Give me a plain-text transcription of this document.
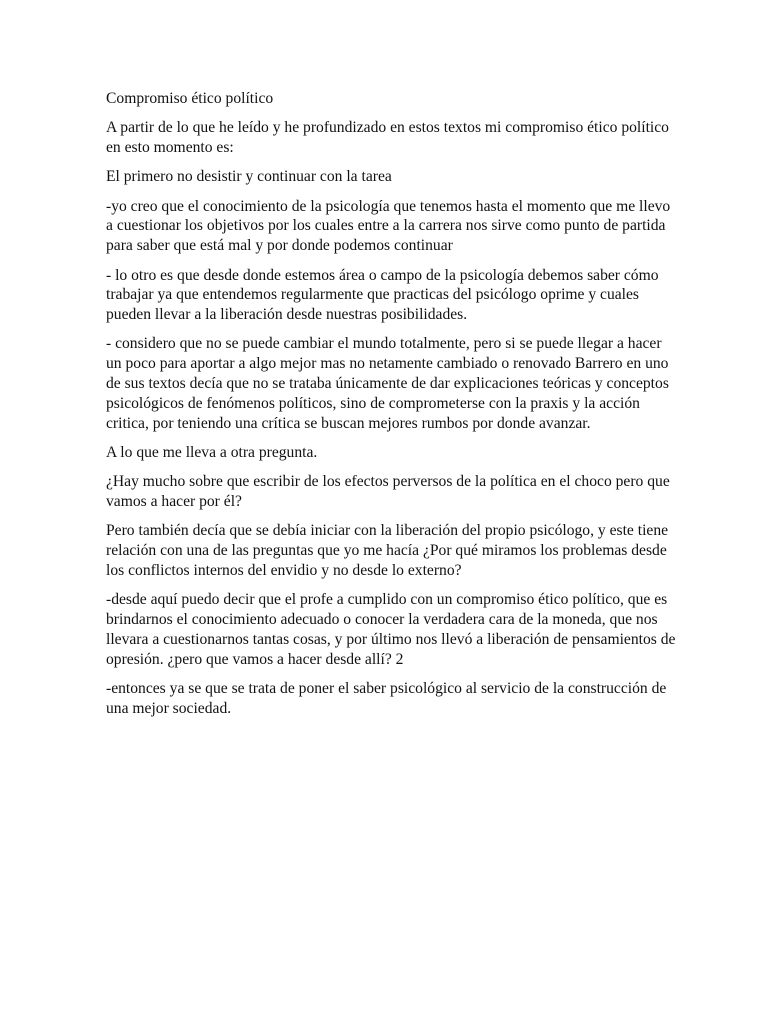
Compromiso ético político

A partir de lo que he leído y he profundizado en estos textos mi compromiso ético político
en esto momento es:

El primero no desistir y continuar con la tarea

-yo creo que el conocimiento de la psicología que tenemos hasta el momento que me llevo
a cuestionar los objetivos por los cuales entre a la carrera nos sirve como punto de partida
para saber que está mal y por donde podemos continuar

- lo otro es que desde donde estemos área o campo de la psicología debemos saber cómo
trabajar ya que entendemos regularmente que practicas del psicólogo oprime y cuales
pueden llevar a la liberación desde nuestras posibilidades.

- considero que no se puede cambiar el mundo totalmente, pero si se puede llegar a hacer
un poco para aportar a algo mejor mas no netamente cambiado o renovado Barrero en uno
de sus textos decía que no se trataba únicamente de dar explicaciones teóricas y conceptos
psicológicos de fenómenos políticos, sino de comprometerse con la praxis y la acción
critica, por teniendo una crítica se buscan mejores rumbos por donde avanzar.

A lo que me lleva a otra pregunta.

¿Hay mucho sobre que escribir de los efectos perversos de la política en el choco pero que
vamos a hacer por él?

Pero también decía que se debía iniciar con la liberación del propio psicólogo, y este tiene
relación con una de las preguntas que yo me hacía ¿Por qué miramos los problemas desde
los conflictos internos del envidio y no desde lo externo?

-desde aquí puedo decir que el profe a cumplido con un compromiso ético político, que es
brindarnos el conocimiento adecuado o conocer la verdadera cara de la moneda, que nos
llevara a cuestionarnos tantas cosas, y por último nos llevó a liberación de pensamientos de
opresión. ¿pero que vamos a hacer desde allí? 2

-entonces ya se que se trata de poner el saber psicológico al servicio de la construcción de
una mejor sociedad.
